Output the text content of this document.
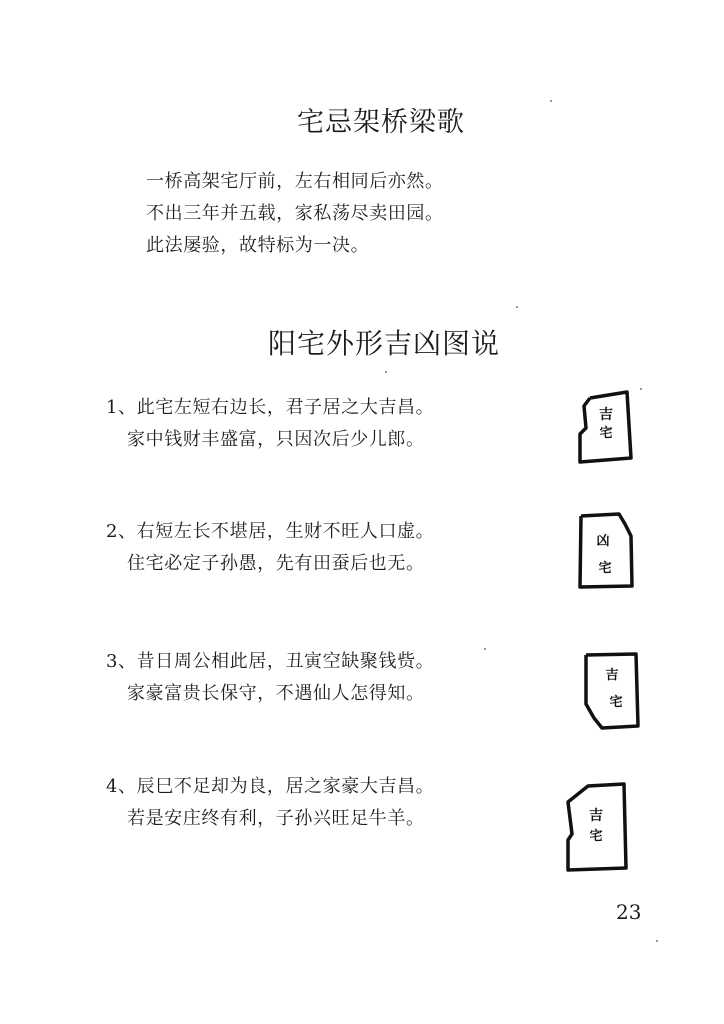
宅忌架桥梁歌
一桥高架宅厅前，左右相同后亦然。
不出三年并五载，家私荡尽卖田园。
此法屡验，故特标为一决。
阳宅外形吉凶图说
1、此宅左短右边长，君子居之大吉昌。
家中钱财丰盛富，只因次后少儿郎。
2、右短左长不堪居，生财不旺人口虚。
住宅必定子孙愚，先有田蚕后也无。
3、昔日周公相此居，丑寅空缺聚钱赀。
家豪富贵长保守，不遇仙人怎得知。
4、辰巳不足却为良，居之家豪大吉昌。
若是安庄终有利，子孙兴旺足牛羊。
吉
宅
凶
宅
吉
宅
吉
宅
23
